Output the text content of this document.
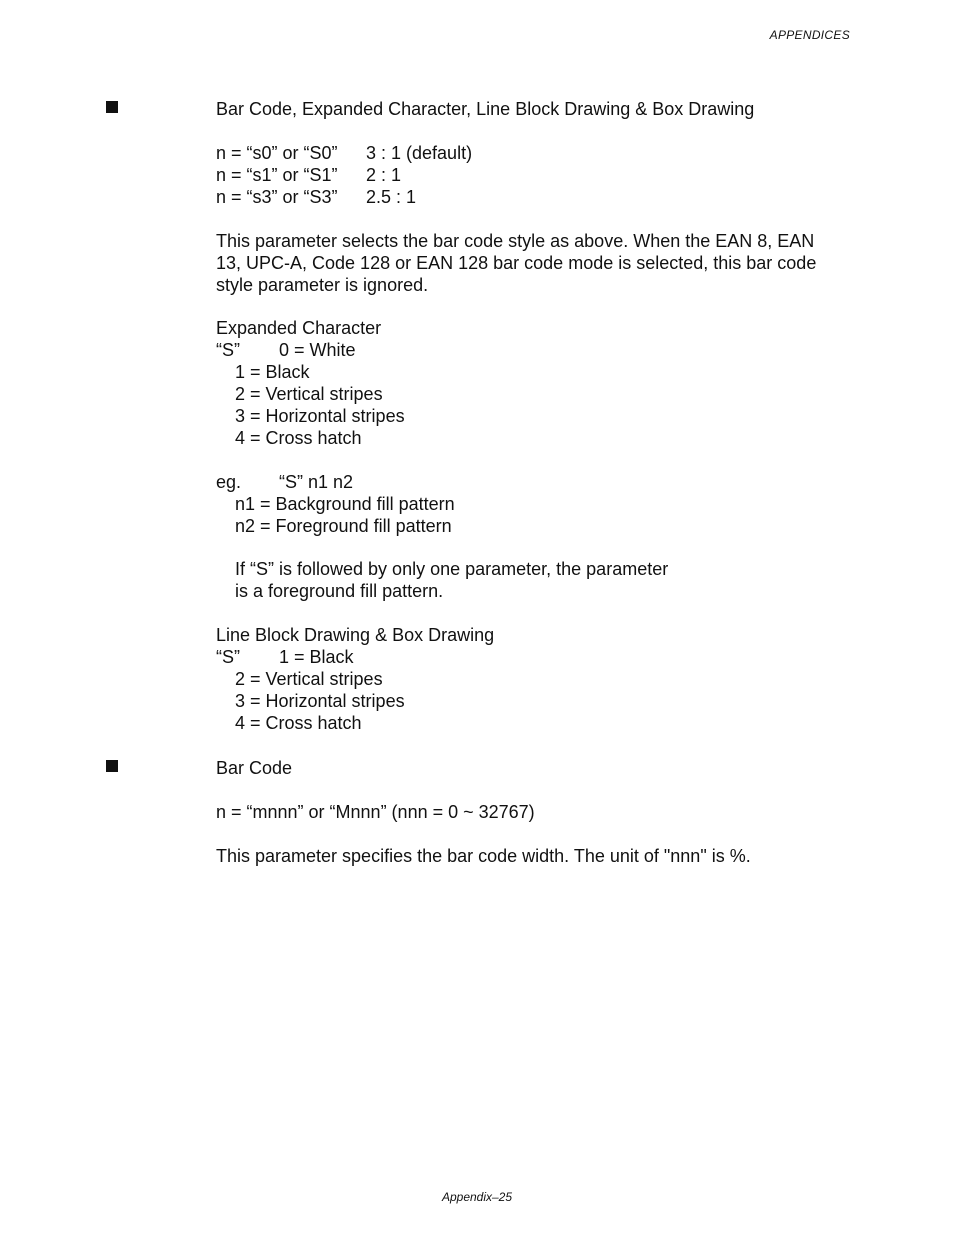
APPENDICES
Bar Code, Expanded Character, Line Block Drawing & Box Drawing
n = “s0” or “S0” 3 : 1 (default)
n = “s1” or “S1” 2 : 1
n = “s3” or “S3” 2.5 : 1
This parameter selects the bar code style as above. When the EAN 8, EAN
13, UPC-A, Code 128 or EAN 128 bar code mode is selected, this bar code
style parameter is ignored.
Expanded Character
“S” 0 = White
1 = Black
2 = Vertical stripes
3 = Horizontal stripes
4 = Cross hatch
eg. “S” n1 n2
n1 = Background fill pattern
n2 = Foreground fill pattern
If “S” is followed by only one parameter, the parameter
is a foreground fill pattern.
Line Block Drawing & Box Drawing
“S” 1 = Black
2 = Vertical stripes
3 = Horizontal stripes
4 = Cross hatch
Bar Code
n = “mnnn” or “Mnnn” (nnn = 0 ~ 32767)
This parameter specifies the bar code width. The unit of "nnn" is %.
Appendix–25
